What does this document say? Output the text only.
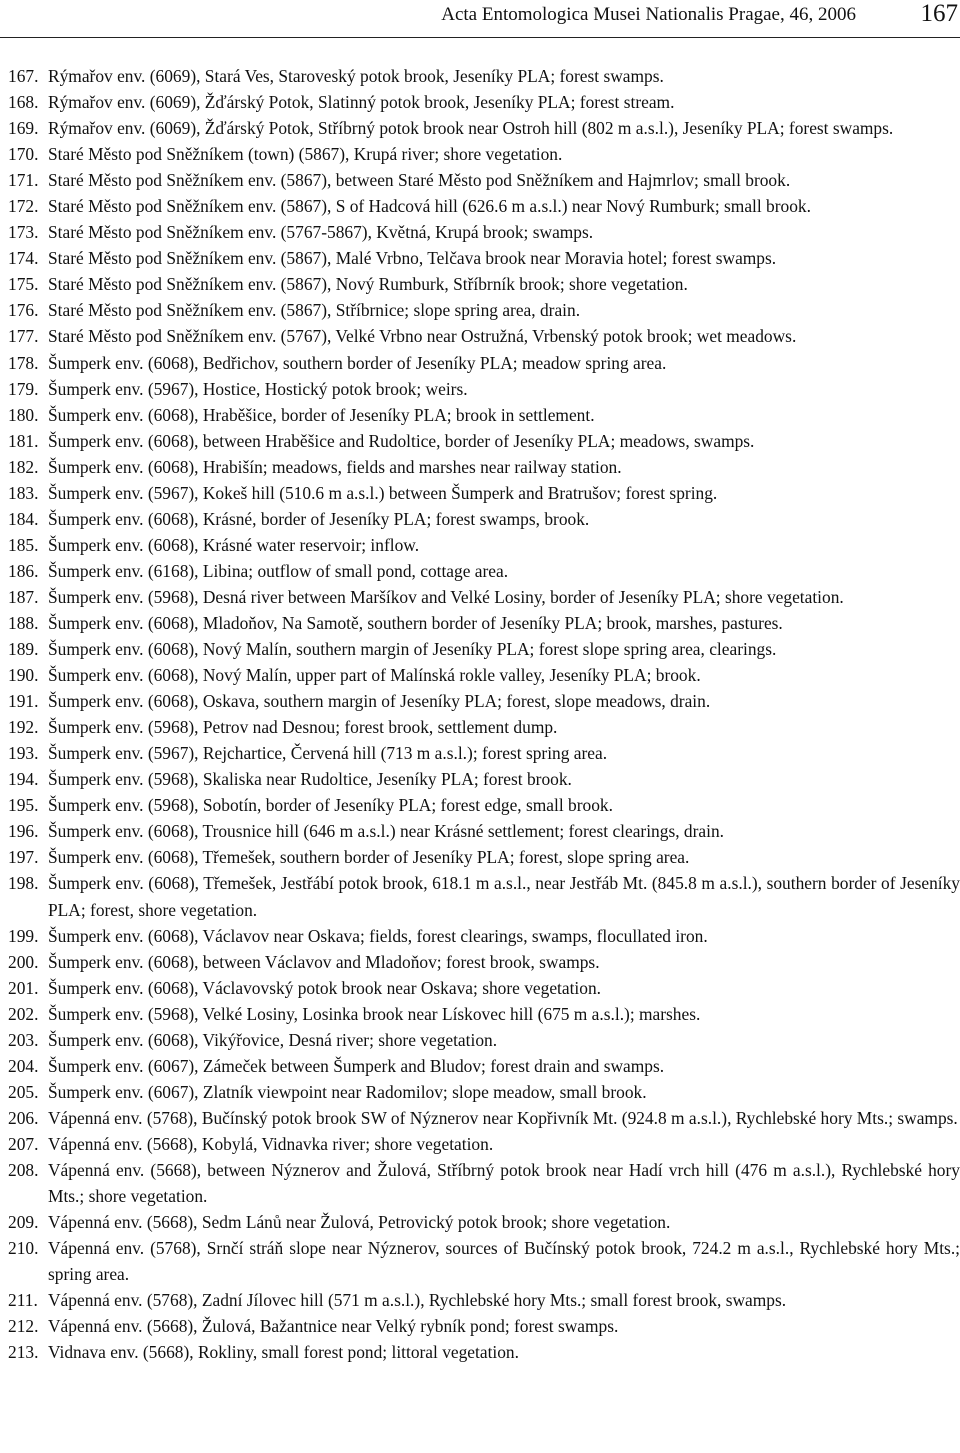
Acta Entomologica Musei Nationalis Pragae, 46, 2006	167
167. Rýmařov env. (6069), Stará Ves, Staroveský potok brook, Jeseníky PLA; forest swamps.
168. Rýmařov env. (6069), Žďárský Potok, Slatinný potok brook, Jeseníky PLA; forest stream.
169. Rýmařov env. (6069), Žďárský Potok, Stříbrný potok brook near Ostroh hill (802 m a.s.l.), Jeseníky PLA; forest swamps.
170. Staré Město pod Sněžníkem (town) (5867), Krupá river; shore vegetation.
171. Staré Město pod Sněžníkem env. (5867), between Staré Město pod Sněžníkem and Hajmrlov; small brook.
172. Staré Město pod Sněžníkem env. (5867), S of Hadcová hill (626.6 m a.s.l.) near Nový Rumburk; small brook.
173. Staré Město pod Sněžníkem env. (5767-5867), Květná, Krupá brook; swamps.
174. Staré Město pod Sněžníkem env. (5867), Malé Vrbno, Telčava brook near Moravia hotel; forest swamps.
175. Staré Město pod Sněžníkem env. (5867), Nový Rumburk, Stříbrník brook; shore vegetation.
176. Staré Město pod Sněžníkem env. (5867), Stříbrnice; slope spring area, drain.
177. Staré Město pod Sněžníkem env. (5767), Velké Vrbno near Ostružná, Vrbenský potok brook; wet meadows.
178. Šumperk env. (6068), Bedřichov, southern border of Jeseníky PLA; meadow spring area.
179. Šumperk env. (5967), Hostice, Hostický potok brook; weirs.
180. Šumperk env. (6068), Hraběšice, border of Jeseníky PLA; brook in settlement.
181. Šumperk env. (6068), between Hraběšice and Rudoltice, border of Jeseníky PLA; meadows, swamps.
182. Šumperk env. (6068), Hrabišín; meadows, fields and marshes near railway station.
183. Šumperk env. (5967), Kokeš hill (510.6 m a.s.l.) between Šumperk and Bratrušov; forest spring.
184. Šumperk env. (6068), Krásné, border of Jeseníky PLA; forest swamps, brook.
185. Šumperk env. (6068), Krásné water reservoir; inflow.
186. Šumperk env. (6168), Libina; outflow of small pond, cottage area.
187. Šumperk env. (5968), Desná river between Maršíkov and Velké Losiny, border of Jeseníky PLA; shore vegetation.
188. Šumperk env. (6068), Mladoňov, Na Samotě, southern border of Jeseníky PLA; brook, marshes, pastures.
189. Šumperk env. (6068), Nový Malín, southern margin of Jeseníky PLA; forest slope spring area, clearings.
190. Šumperk env. (6068), Nový Malín, upper part of Malínská rokle valley, Jeseníky PLA; brook.
191. Šumperk env. (6068), Oskava, southern margin of Jeseníky PLA; forest, slope meadows, drain.
192. Šumperk env. (5968), Petrov nad Desnou; forest brook, settlement dump.
193. Šumperk env. (5967), Rejchartice, Červená hill (713 m a.s.l.); forest spring area.
194. Šumperk env. (5968), Skaliska near Rudoltice, Jeseníky PLA; forest brook.
195. Šumperk env. (5968), Sobotín, border of Jeseníky PLA; forest edge, small brook.
196. Šumperk env. (6068), Trousnice hill (646 m a.s.l.) near Krásné settlement; forest clearings, drain.
197. Šumperk env. (6068), Třemešek, southern border of Jeseníky PLA; forest, slope spring area.
198. Šumperk env. (6068), Třemešek, Jestřábí potok brook, 618.1 m a.s.l., near Jestřáb Mt. (845.8 m a.s.l.), southern border of Jeseníky PLA; forest, shore vegetation.
199. Šumperk env. (6068), Václavov near Oskava; fields, forest clearings, swamps, flocullated iron.
200. Šumperk env. (6068), between Václavov and Mladoňov; forest brook, swamps.
201. Šumperk env. (6068), Václavovský potok brook near Oskava; shore vegetation.
202. Šumperk env. (5968), Velké Losiny, Losinka brook near Lískovec hill (675 m a.s.l.); marshes.
203. Šumperk env. (6068), Vikýřovice, Desná river; shore vegetation.
204. Šumperk env. (6067), Zámeček between Šumperk and Bludov; forest drain and swamps.
205. Šumperk env. (6067), Zlatník viewpoint near Radomilov; slope meadow, small brook.
206. Vápenná env. (5768), Bučínský potok brook SW of Nýznerov near Kopřivník Mt. (924.8 m a.s.l.), Rychlebské hory Mts.; swamps.
207. Vápenná env. (5668), Kobylá, Vidnavka river; shore vegetation.
208. Vápenná env. (5668), between Nýznerov and Žulová, Stříbrný potok brook near Hadí vrch hill (476 m a.s.l.), Rychlebské hory Mts.; shore vegetation.
209. Vápenná env. (5668), Sedm Lánů near Žulová, Petrovický potok brook; shore vegetation.
210. Vápenná env. (5768), Srnčí stráň slope near Nýznerov, sources of Bučínský potok brook, 724.2 m a.s.l., Rychlebské hory Mts.; spring area.
211. Vápenná env. (5768), Zadní Jílovec hill (571 m a.s.l.), Rychlebské hory Mts.; small forest brook, swamps.
212. Vápenná env. (5668), Žulová, Bažantnice near Velký rybník pond; forest swamps.
213. Vidnava env. (5668), Rokliny, small forest pond; littoral vegetation.
